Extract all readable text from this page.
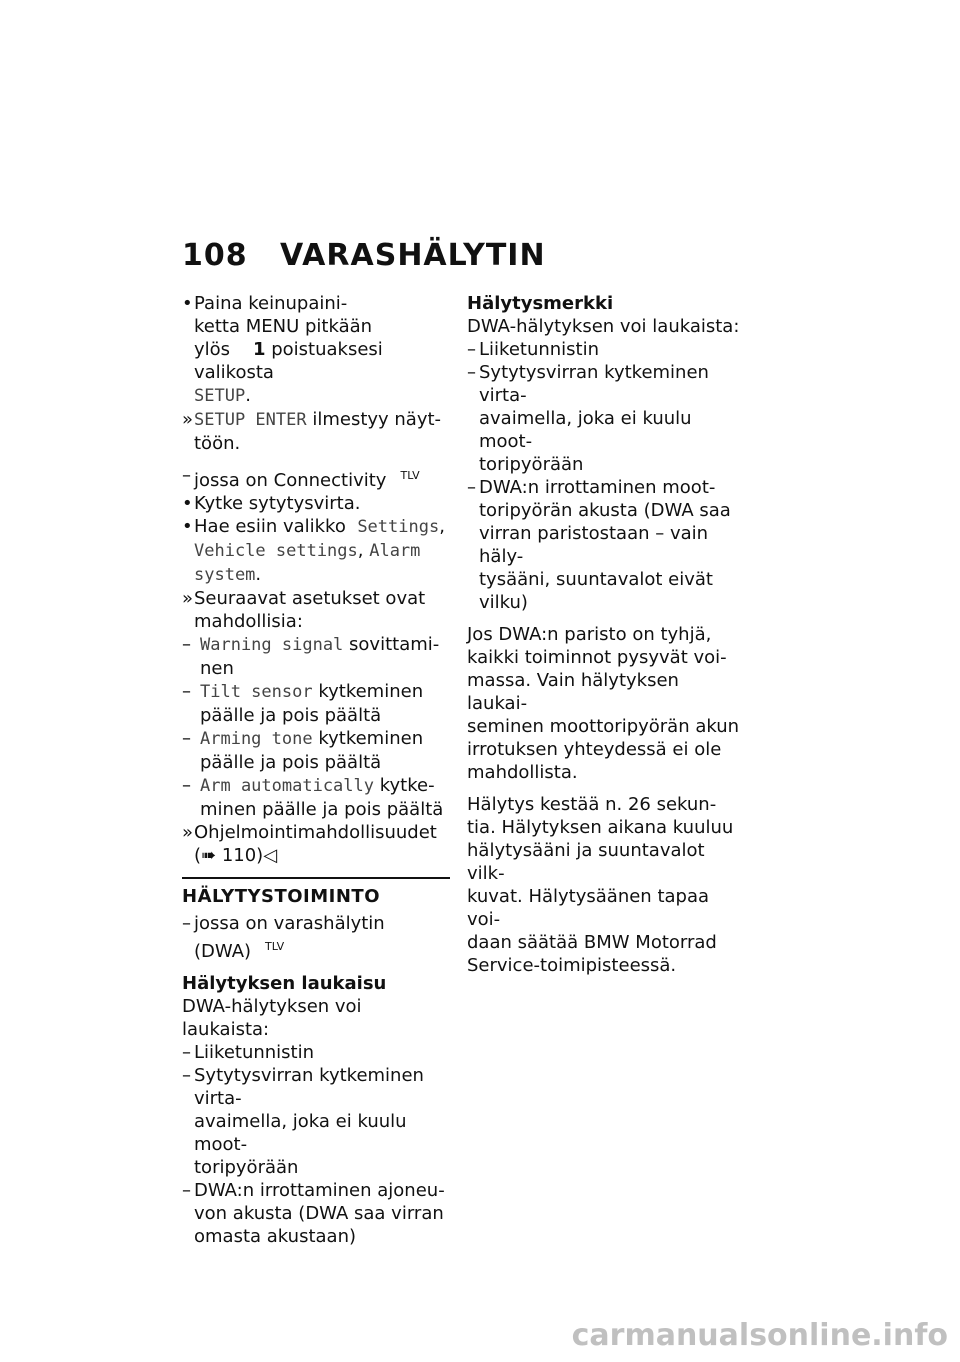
108 VARASHÄLYTIN
• Paina keinupaini-
ketta MENU pitkään
ylös 1 poistuaksesi valikosta
SETUP.
» SETUP ENTER ilmestyy näyt-
töön.
– jossa on Connectivity $^{TLV}$
• Kytke sytytysvirta.
• Hae esiin valikko Settings,
Vehicle settings, Alarm
system.
» Seuraavat asetukset ovat
mahdollisia:
– Warning signal sovittami-
nen
– Tilt sensor kytkeminen
päälle ja pois päältä
– Arming tone kytkeminen
päälle ja pois päältä
– Arm automatically kytke-
minen päälle ja pois päältä
» Ohjelmointimahdollisuudet
(➠ 110)◁
HÄLYTYSTOIMINTO
– jossa on varashälytin
(DWA) $^{TLV}$
Hälytyksen laukaisu
DWA-hälytyksen voi laukaista:
– Liiketunnistin
– Sytytysvirran kytkeminen virta-
avaimella, joka ei kuulu moot-
toripyörään
– DWA:n irrottaminen ajoneu-
von akusta (DWA saa virran
omasta akustaan)
Hälytysmerkki
DWA-hälytyksen voi laukaista:
– Liiketunnistin
– Sytytysvirran kytkeminen virta-
avaimella, joka ei kuulu moot-
toripyörään
– DWA:n irrottaminen moot-
toripyörän akusta (DWA saa
virran paristostaan – vain häly-
tysääni, suuntavalot eivät vilku)
Jos DWA:n paristo on tyhjä,
kaikki toiminnot pysyvät voi-
massa. Vain hälytyksen laukai-
seminen moottoripyörän akun
irrotuksen yhteydessä ei ole
mahdollista.
Hälytys kestää n. 26 sekun-
tia. Hälytyksen aikana kuuluu
hälytysääni ja suuntavalot vilk-
kuvat. Hälytysäänen tapaa voi-
daan säätää BMW Motorrad
Service-toimipisteessä.
carmanualsonline.info
